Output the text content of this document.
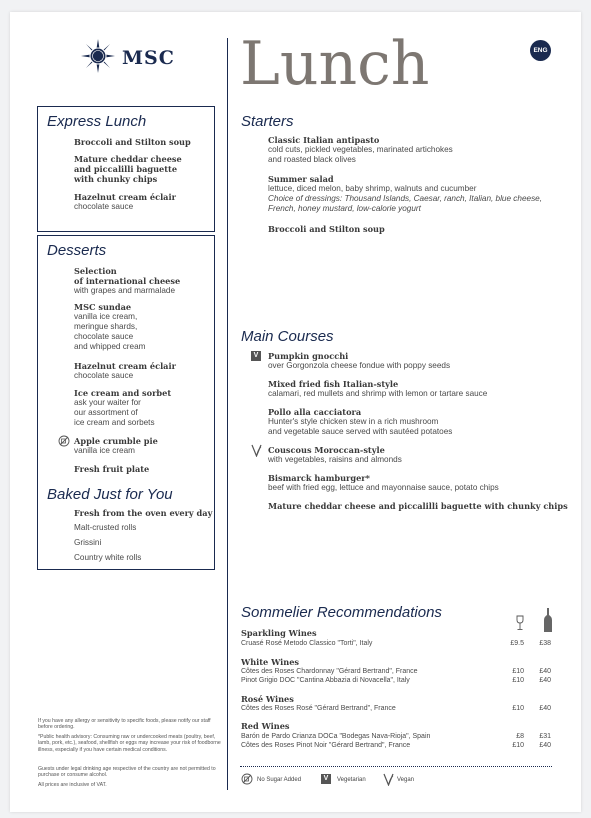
MSC Lunch	ENG
Express Lunch
Broccoli and Stilton soup
Mature cheddar cheese
and piccalilli baguette
with chunky chips
Hazelnut cream éclair
chocolate sauce
Desserts
Selection
of international cheese
with grapes and marmalade
MSC sundae
vanilla ice cream,
meringue shards,
chocolate sauce
and whipped cream
Hazelnut cream éclair
chocolate sauce
Ice cream and sorbet
ask your waiter for
our assortment of
ice cream and sorbets
Apple crumble pie
vanilla ice cream
Fresh fruit plate
Baked Just for You
Fresh from the oven every day
Malt-crusted rolls
Grissini
Country white rolls
If you have any allergy or sensitivity to specific foods, please notify our staff before ordering.
*Public health advisory: Consuming raw or undercooked meats (poultry, beef, lamb, pork, etc.), seafood, shellfish or eggs may increase your risk of foodborne illness, especially if you have certain medical conditions.
Guests under legal drinking age respective of the country are not permitted to purchase or consume alcohol.
All prices are inclusive of VAT.
Starters
Classic Italian antipasto
cold cuts, pickled vegetables, marinated artichokes
and roasted black olives
Summer salad
lettuce, diced melon, baby shrimp, walnuts and cucumber
Choice of dressings: Thousand Islands, Caesar, ranch, Italian, blue cheese,
French, honey mustard, low-calorie yogurt
Broccoli and Stilton soup
Main Courses
V	Pumpkin gnocchi
over Gorgonzola cheese fondue with poppy seeds
Mixed fried fish Italian-style
calamari, red mullets and shrimp with lemon or tartare sauce
Pollo alla cacciatora
Hunter's style chicken stew in a rich mushroom
and vegetable sauce served with sautéed potatoes
Couscous Moroccan-style
with vegetables, raisins and almonds
Bismarck hamburger*
beef with fried egg, lettuce and mayonnaise sauce, potato chips
Mature cheddar cheese and piccalilli baguette with chunky chips
Sommelier Recommendations
Sparkling Wines
Cruasé Rosé Metodo Classico "Torti", Italy	£9.5	£38
White Wines
Côtes des Roses Chardonnay "Gérard Bertrand", France	£10	£40
Pinot Grigio DOC "Cantina Abbazia di Novacella", Italy	£10	£40
Rosé Wines
Côtes des Roses Rosé "Gérard Bertrand", France	£10	£40
Red Wines
Barón de Pardo Crianza DOCa "Bodegas Nava-Rioja", Spain	£8	£31
Côtes des Roses Pinot Noir "Gérard Bertrand", France	£10	£40
No Sugar Added	V	Vegetarian	Vegan
